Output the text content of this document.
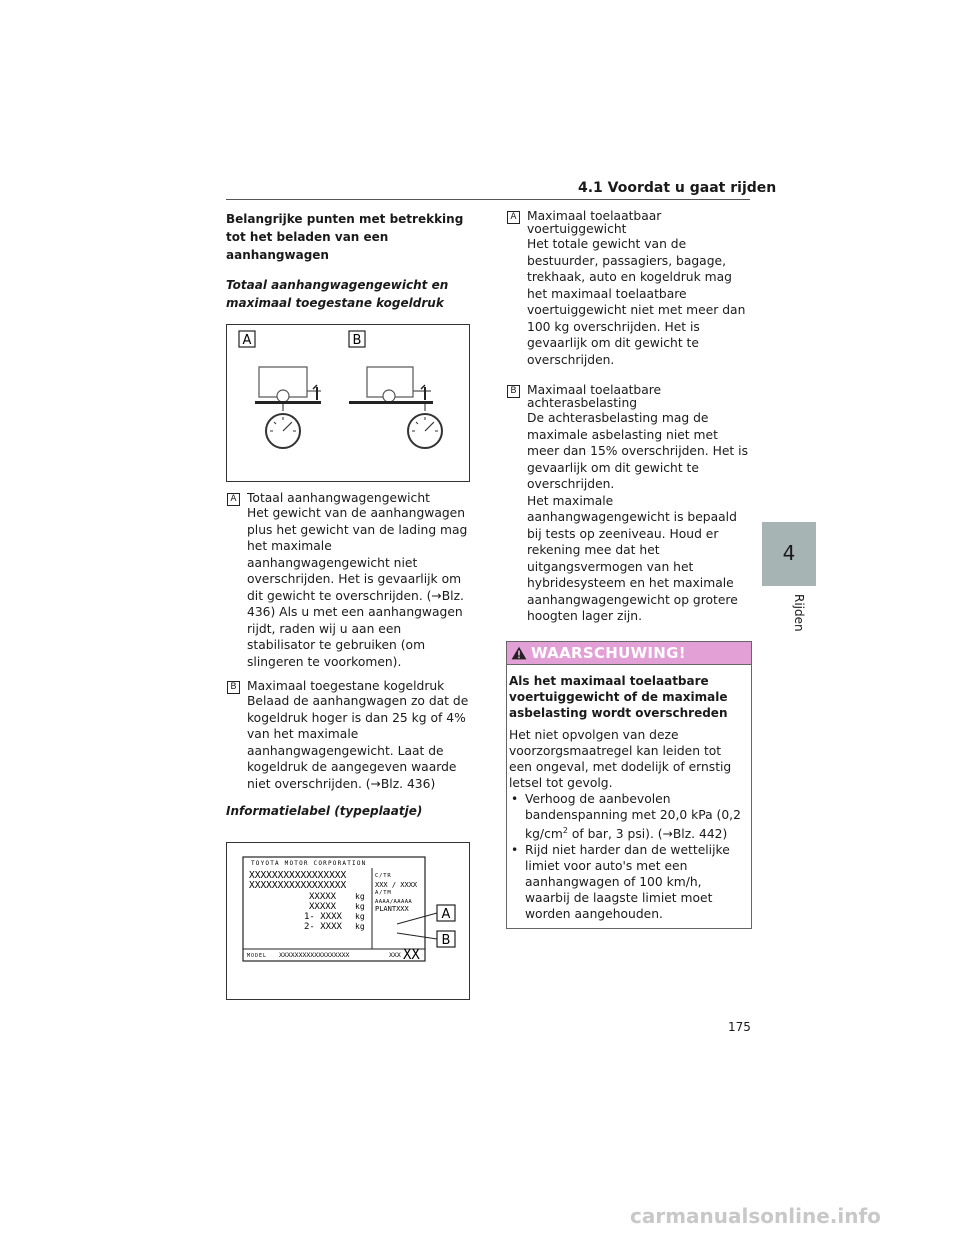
4.1 Voordat u gaat rijden
4
Rijden
Belangrijke punten met betrekking tot het beladen van een aanhangwagen
Totaal aanhangwagengewicht en maximaal toegestane kogeldruk
A	B
A Totaal aanhangwagengewicht
Het gewicht van de aanhangwagen plus het gewicht van de lading mag het maximale aanhangwagengewicht niet overschrijden. Het is gevaarlijk om dit gewicht te overschrijden. (→Blz. 436) Als u met een aanhangwagen rijdt, raden wij u aan een stabilisator te gebruiken (om slingeren te voorkomen).
B Maximaal toegestane kogeldruk
Belaad de aanhangwagen zo dat de kogeldruk hoger is dan 25 kg of 4% van het maximale aanhangwagengewicht. Laat de kogeldruk de aangegeven waarde niet overschrijden. (→Blz. 436)
Informatielabel (typeplaatje)
TOYOTA MOTOR CORPORATION
XXXXXXXXXXXXXXXXX
XXXXXXXXXXXXXXXXX
XXXXX
XXXXX
1- XXXX
2- XXXX
kg
kg
kg
kg
C/TR
XXX / XXXX
A/TM
AAAA/AAAAA
PLANTXXX
MODEL XXXXXXXXXXXXXXXXXX	XXX XX
A
B
A Maximaal toelaatbaar voertuiggewicht
Het totale gewicht van de bestuurder, passagiers, bagage, trekhaak, auto en kogeldruk mag het maximaal toelaatbare voertuiggewicht niet met meer dan 100 kg overschrijden. Het is gevaarlijk om dit gewicht te overschrijden.
B Maximaal toelaatbare achterasbelasting
De achterasbelasting mag de maximale asbelasting niet met meer dan 15% overschrijden. Het is gevaarlijk om dit gewicht te overschrijden.
Het maximale aanhangwagengewicht is bepaald bij tests op zeeniveau. Houd er rekening mee dat het uitgangsvermogen van het hybridesysteem en het maximale aanhangwagengewicht op grotere hoogten lager zijn.
WAARSCHUWING!
Als het maximaal toelaatbare voertuiggewicht of de maximale asbelasting wordt overschreden
Het niet opvolgen van deze voorzorgsmaatregel kan leiden tot een ongeval, met dodelijk of ernstig letsel tot gevolg.
• Verhoog de aanbevolen bandenspanning met 20,0 kPa (0,2 $kg/cm^2$ of bar, 3 psi). (→Blz. 442)
• Rijd niet harder dan de wettelijke limiet voor auto's met een aanhangwagen of 100 km/h, waarbij de laagste limiet moet worden aangehouden.
175
carmanualsonline.info
